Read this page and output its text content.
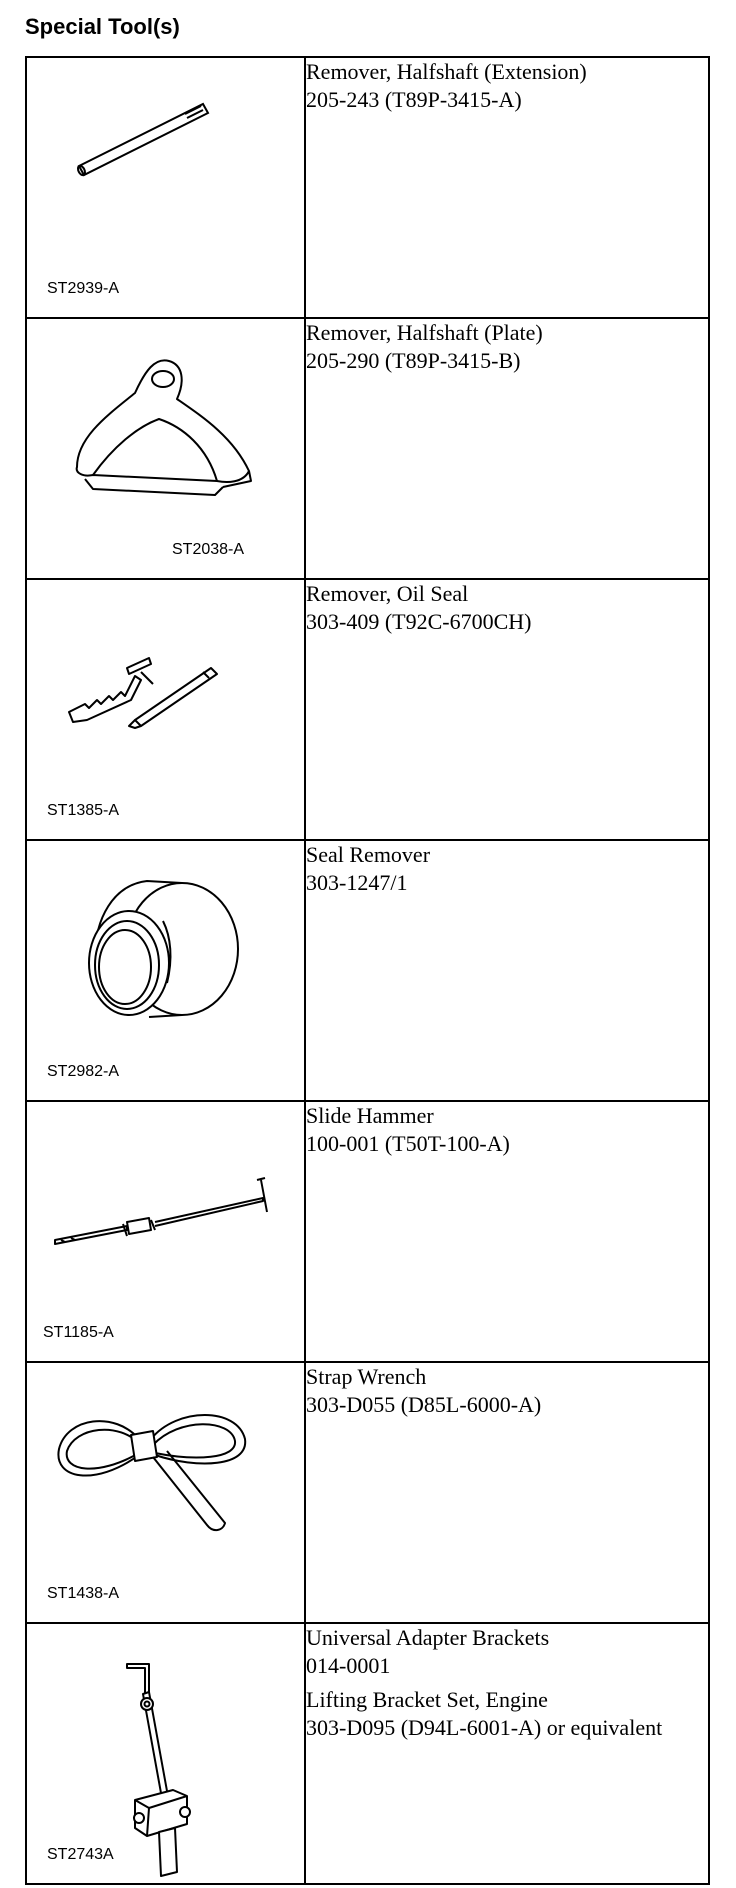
Special Tool(s)
ST2939-A	Remover, Halfshaft (Extension)
205-243 (T89P-3415-A)

ST2038-A	Remover, Halfshaft (Plate)
205-290 (T89P-3415-B)

ST1385-A	Remover, Oil Seal
303-409 (T92C-6700CH)

ST2982-A	Seal Remover
303-1247/1

ST1185-A	Slide Hammer
100-001 (T50T-100-A)

ST1438-A	Strap Wrench
303-D055 (D85L-6000-A)

ST2743A	Universal Adapter Brackets
014-0001
Lifting Bracket Set, Engine
303-D095 (D94L-6001-A) or equivalent
